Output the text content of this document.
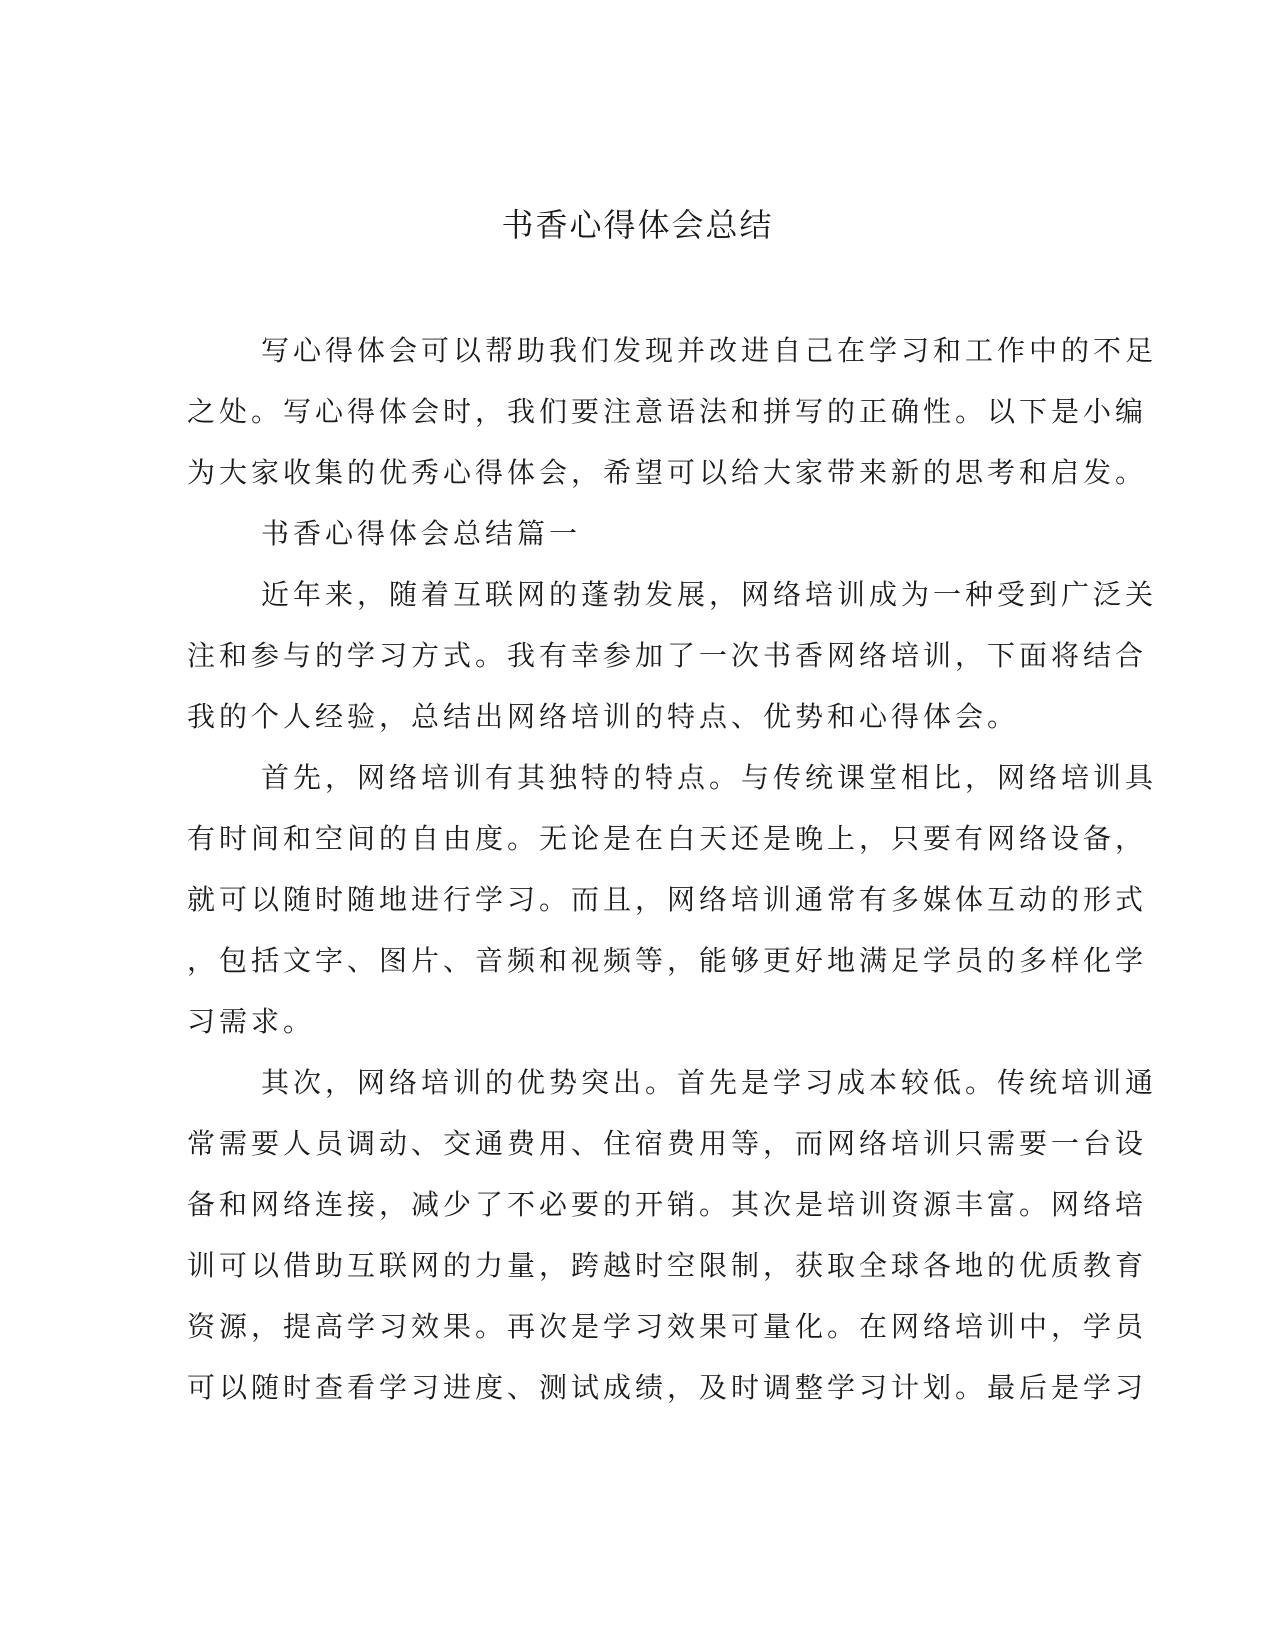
书香心得体会总结
写心得体会可以帮助我们发现并改进自己在学习和工作中的不足
之处。写心得体会时，我们要注意语法和拼写的正确性。以下是小编
为大家收集的优秀心得体会，希望可以给大家带来新的思考和启发。
书香心得体会总结篇一
近年来，随着互联网的蓬勃发展，网络培训成为一种受到广泛关
注和参与的学习方式。我有幸参加了一次书香网络培训，下面将结合
我的个人经验，总结出网络培训的特点、优势和心得体会。
首先，网络培训有其独特的特点。与传统课堂相比，网络培训具
有时间和空间的自由度。无论是在白天还是晚上，只要有网络设备，
就可以随时随地进行学习。而且，网络培训通常有多媒体互动的形式
，包括文字、图片、音频和视频等，能够更好地满足学员的多样化学
习需求。
其次，网络培训的优势突出。首先是学习成本较低。传统培训通
常需要人员调动、交通费用、住宿费用等，而网络培训只需要一台设
备和网络连接，减少了不必要的开销。其次是培训资源丰富。网络培
训可以借助互联网的力量，跨越时空限制，获取全球各地的优质教育
资源，提高学习效果。再次是学习效果可量化。在网络培训中，学员
可以随时查看学习进度、测试成绩，及时调整学习计划。最后是学习
